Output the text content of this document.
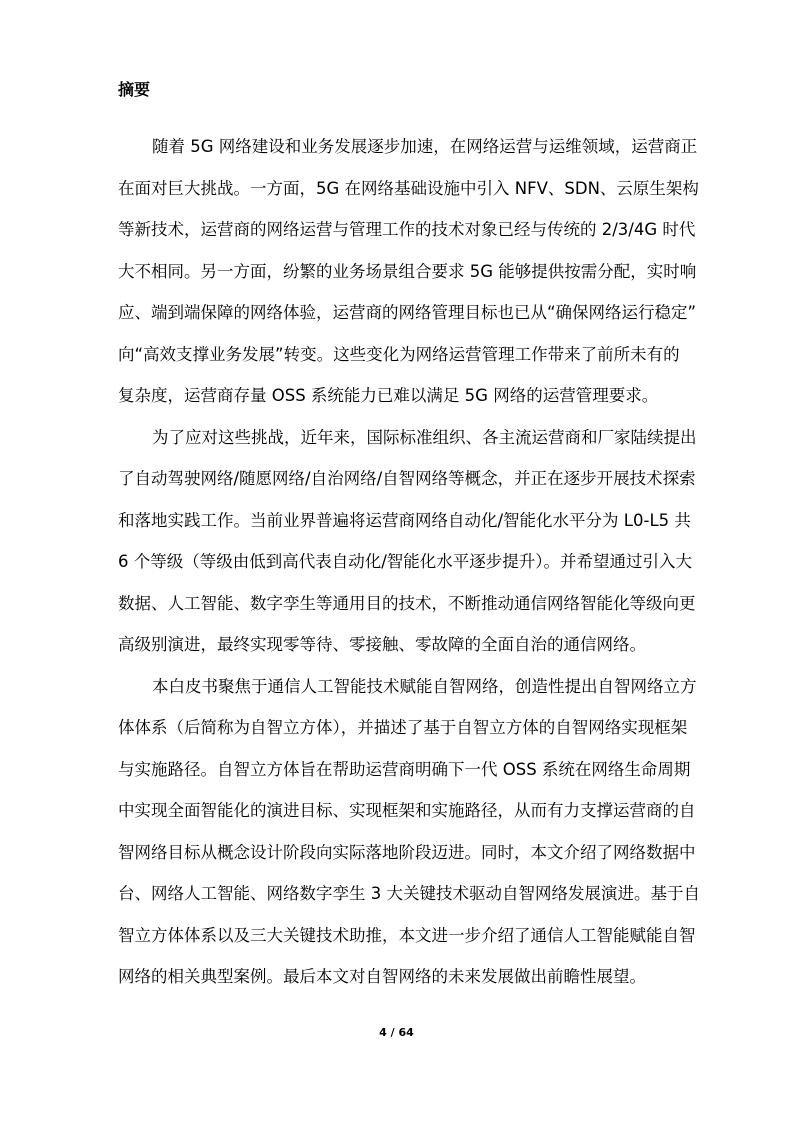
摘要
随着 5G 网络建设和业务发展逐步加速，在网络运营与运维领域，运营商正
在面对巨大挑战。一方面，5G 在网络基础设施中引入 NFV、SDN、云原生架构
等新技术，运营商的网络运营与管理工作的技术对象已经与传统的 2/3/4G 时代
大不相同。另一方面，纷繁的业务场景组合要求 5G 能够提供按需分配，实时响
应、端到端保障的网络体验，运营商的网络管理目标也已从“确保网络运行稳定”
向“高效支撑业务发展”转变。这些变化为网络运营管理工作带来了前所未有的
复杂度，运营商存量 OSS 系统能力已难以满足 5G 网络的运营管理要求。
为了应对这些挑战，近年来，国际标准组织、各主流运营商和厂家陆续提出
了自动驾驶网络/随愿网络/自治网络/自智网络等概念，并正在逐步开展技术探索
和落地实践工作。当前业界普遍将运营商网络自动化/智能化水平分为 L0-L5 共
6 个等级（等级由低到高代表自动化/智能化水平逐步提升）。并希望通过引入大
数据、人工智能、数字孪生等通用目的技术，不断推动通信网络智能化等级向更
高级别演进，最终实现零等待、零接触、零故障的全面自治的通信网络。
本白皮书聚焦于通信人工智能技术赋能自智网络，创造性提出自智网络立方
体体系（后简称为自智立方体），并描述了基于自智立方体的自智网络实现框架
与实施路径。自智立方体旨在帮助运营商明确下一代 OSS 系统在网络生命周期
中实现全面智能化的演进目标、实现框架和实施路径，从而有力支撑运营商的自
智网络目标从概念设计阶段向实际落地阶段迈进。同时，本文介绍了网络数据中
台、网络人工智能、网络数字孪生 3 大关键技术驱动自智网络发展演进。基于自
智立方体体系以及三大关键技术助推，本文进一步介绍了通信人工智能赋能自智
网络的相关典型案例。最后本文对自智网络的未来发展做出前瞻性展望。
4 / 64
